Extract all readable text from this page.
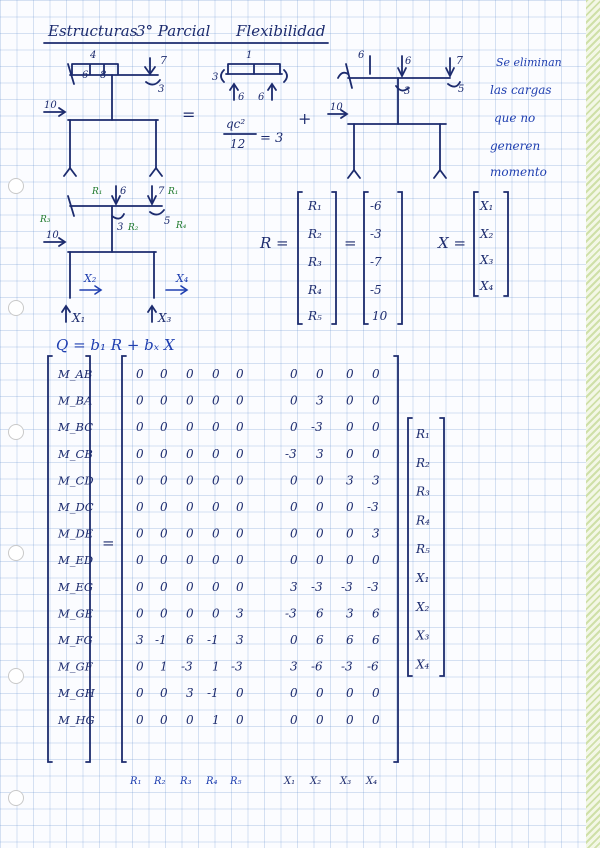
Estructuras
3° Parcial Flexibilidad
4	7
6 8
3
10	=
1
3
6 6
qc²
12 = 3
+
6
6	7
3	5
10
Se eliminan
las cargas
que no
generen
momento
R₁ 6	7 R₁
R₃
R₂
3
5 R₄
10
X₂	X₄
X₁	X₃
R =
R₁
R₂
R₃
R₄
R₅
=
-6
-3
-7
-5
10
X =
X₁
X₂
X₃
X₄
Q = b₁ R + bₓ X
M_AB
M_BA
M_BC
M_CB
M_CD
M_DC
M_DE
M_ED
M_EG
M_GE
M_FG
M_GF
M_GH
M_HG
=
0 0 0 0 0	0 0 0 0
0 0 0 0 0	0 3 0 0
0 0 0 0 0	0 -3 0 0
0 0 0 0 0	-3 3 0 0
0 0 0 0 0	0 0 3 3
0 0 0 0 0	0 0 0 -3
0 0 0 0 0	0 0 0 3
0 0 0 0 0	0 0 0 0
0 0 0 0 0	3 -3 -3 -3
0 0 0 0 3	-3 6 3 6
3 -1 6 -1 3	0 6 6 6
0 1 -3 1 -3	3 -6 -3 -6
0 0 3 -1 0	0 0 0 0
0 0 0 1 0	0 0 0 0
R₁
R₂
R₃
R₄
R₅
X₁
X₂
X₃
X₄
R₁ R₂ R₃ R₄ R₅	X₁ X₂ X₃ X₄
